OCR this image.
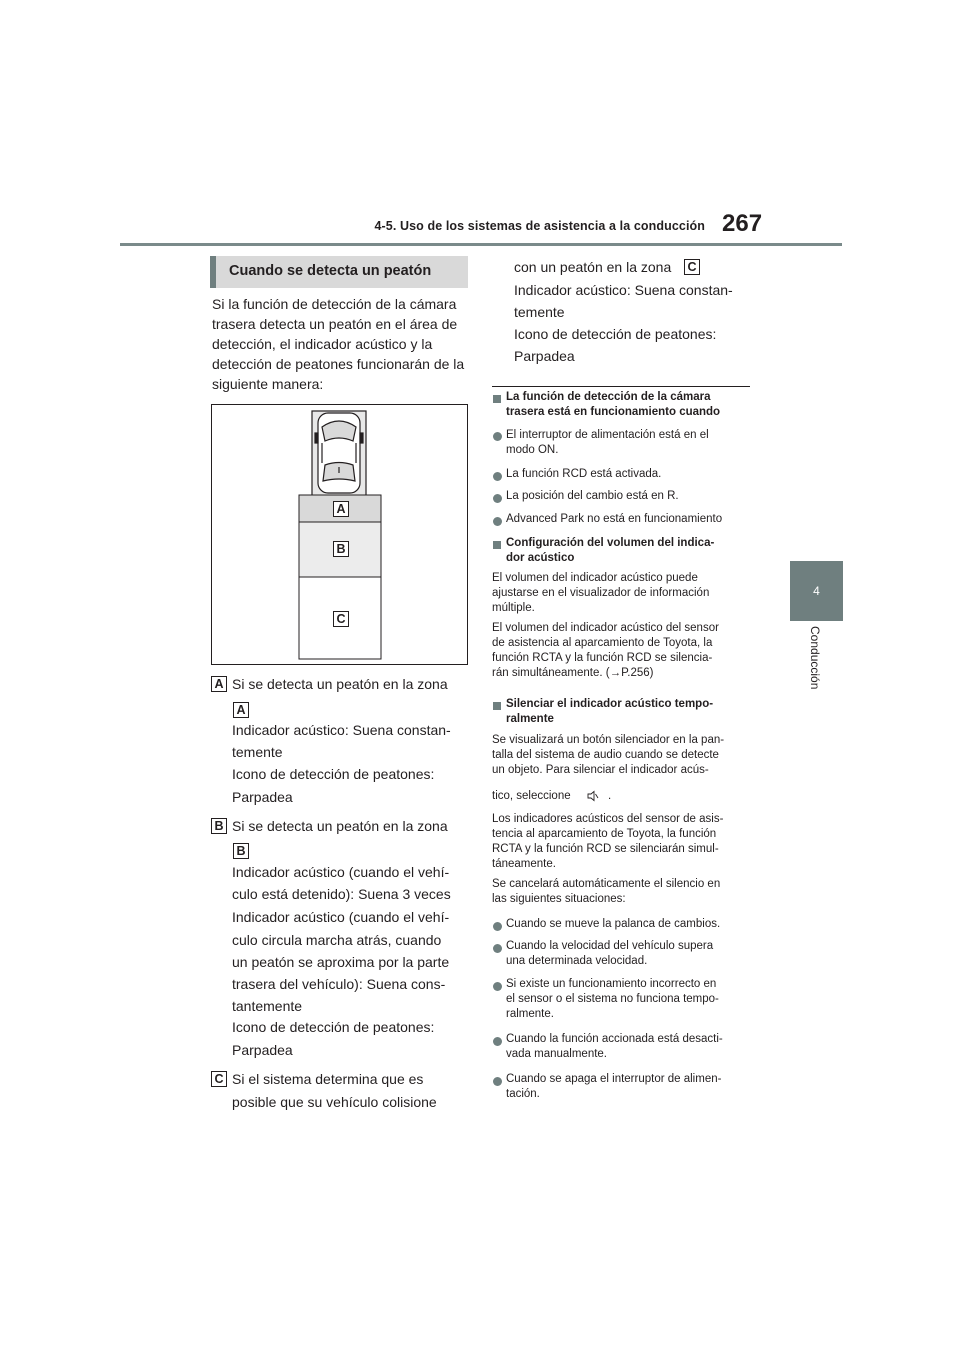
4-5. Uso de los sistemas de asistencia a la conducción 267
4
Conducción
Cuando se detecta un peatón
Si la función de detección de la cámara trasera detecta un peatón en el área de detección, el indicador acústico y la detección de peatones funcionarán de la siguiente manera:
A
B
C
A Si se detecta un peatón en la zona
A
Indicador acústico: Suena constan-
temente
Icono de detección de peatones:
Parpadea
B Si se detecta un peatón en la zona
B
Indicador acústico (cuando el vehí-
culo está detenido): Suena 3 veces
Indicador acústico (cuando el vehí-
culo circula marcha atrás, cuando
un peatón se aproxima por la parte
trasera del vehículo): Suena cons-
tantemente
Icono de detección de peatones:
Parpadea
C Si el sistema determina que es
posible que su vehículo colisione
con un peatón en la zona	C
Indicador acústico: Suena constan-
temente
Icono de detección de peatones:
Parpadea
La función de detección de la cámara
trasera está en funcionamiento cuando
El interruptor de alimentación está en el
modo ON.
La función RCD está activada.
La posición del cambio está en R.
Advanced Park no está en funcionamiento
Configuración del volumen del indica-
dor acústico
El volumen del indicador acústico puede
ajustarse en el visualizador de información
múltiple.
El volumen del indicador acústico del sensor
de asistencia al aparcamiento de Toyota, la
función RCTA y la función RCD se silencia-
rán simultáneamente. (→P.256)
Silenciar el indicador acústico tempo-
ralmente
Se visualizará un botón silenciador en la pan-
talla del sistema de audio cuando se detecte
un objeto. Para silenciar el indicador acús-
tico, seleccione	.
Los indicadores acústicos del sensor de asis-
tencia al aparcamiento de Toyota, la función
RCTA y la función RCD se silenciarán simul-
táneamente.
Se cancelará automáticamente el silencio en
las siguientes situaciones:
Cuando se mueve la palanca de cambios.
Cuando la velocidad del vehículo supera
una determinada velocidad.
Si existe un funcionamiento incorrecto en
el sensor o el sistema no funciona tempo-
ralmente.
Cuando la función accionada está desacti-
vada manualmente.
Cuando se apaga el interruptor de alimen-
tación.
